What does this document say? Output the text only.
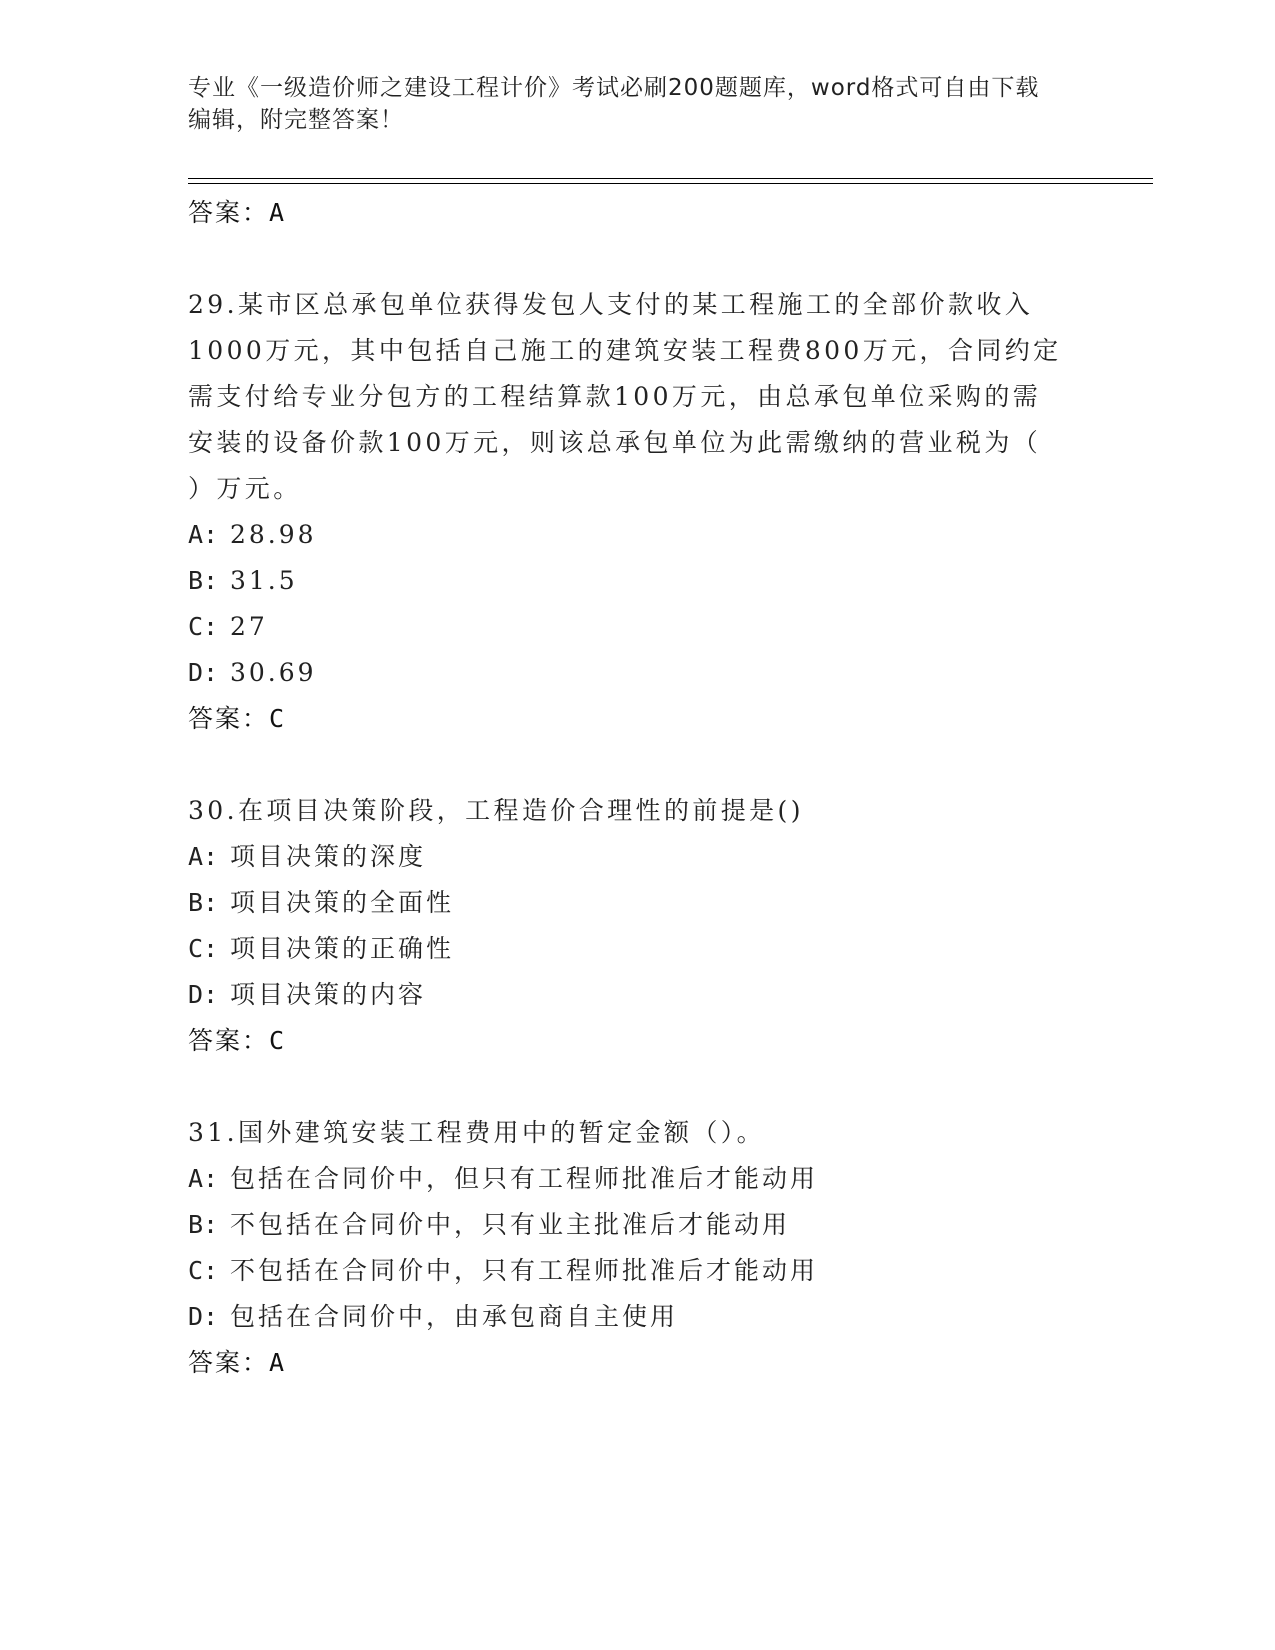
专业《一级造价师之建设工程计价》考试必刷200题题库，word格式可自由下载
编辑，附完整答案！
答案：A
29.某市区总承包单位获得发包人支付的某工程施工的全部价款收入
1000万元，其中包括自己施工的建筑安装工程费800万元，合同约定
需支付给专业分包方的工程结算款100万元，由总承包单位采购的需
安装的设备价款100万元，则该总承包单位为此需缴纳的营业税为（
）万元。
A: 28.98
B: 31.5
C: 27
D: 30.69
答案：C
30.在项目决策阶段，工程造价合理性的前提是()
A: 项目决策的深度
B: 项目决策的全面性
C: 项目决策的正确性
D: 项目决策的内容
答案：C
31.国外建筑安装工程费用中的暂定金额（）。
A: 包括在合同价中，但只有工程师批准后才能动用
B: 不包括在合同价中，只有业主批准后才能动用
C: 不包括在合同价中，只有工程师批准后才能动用
D: 包括在合同价中，由承包商自主使用
答案：A
